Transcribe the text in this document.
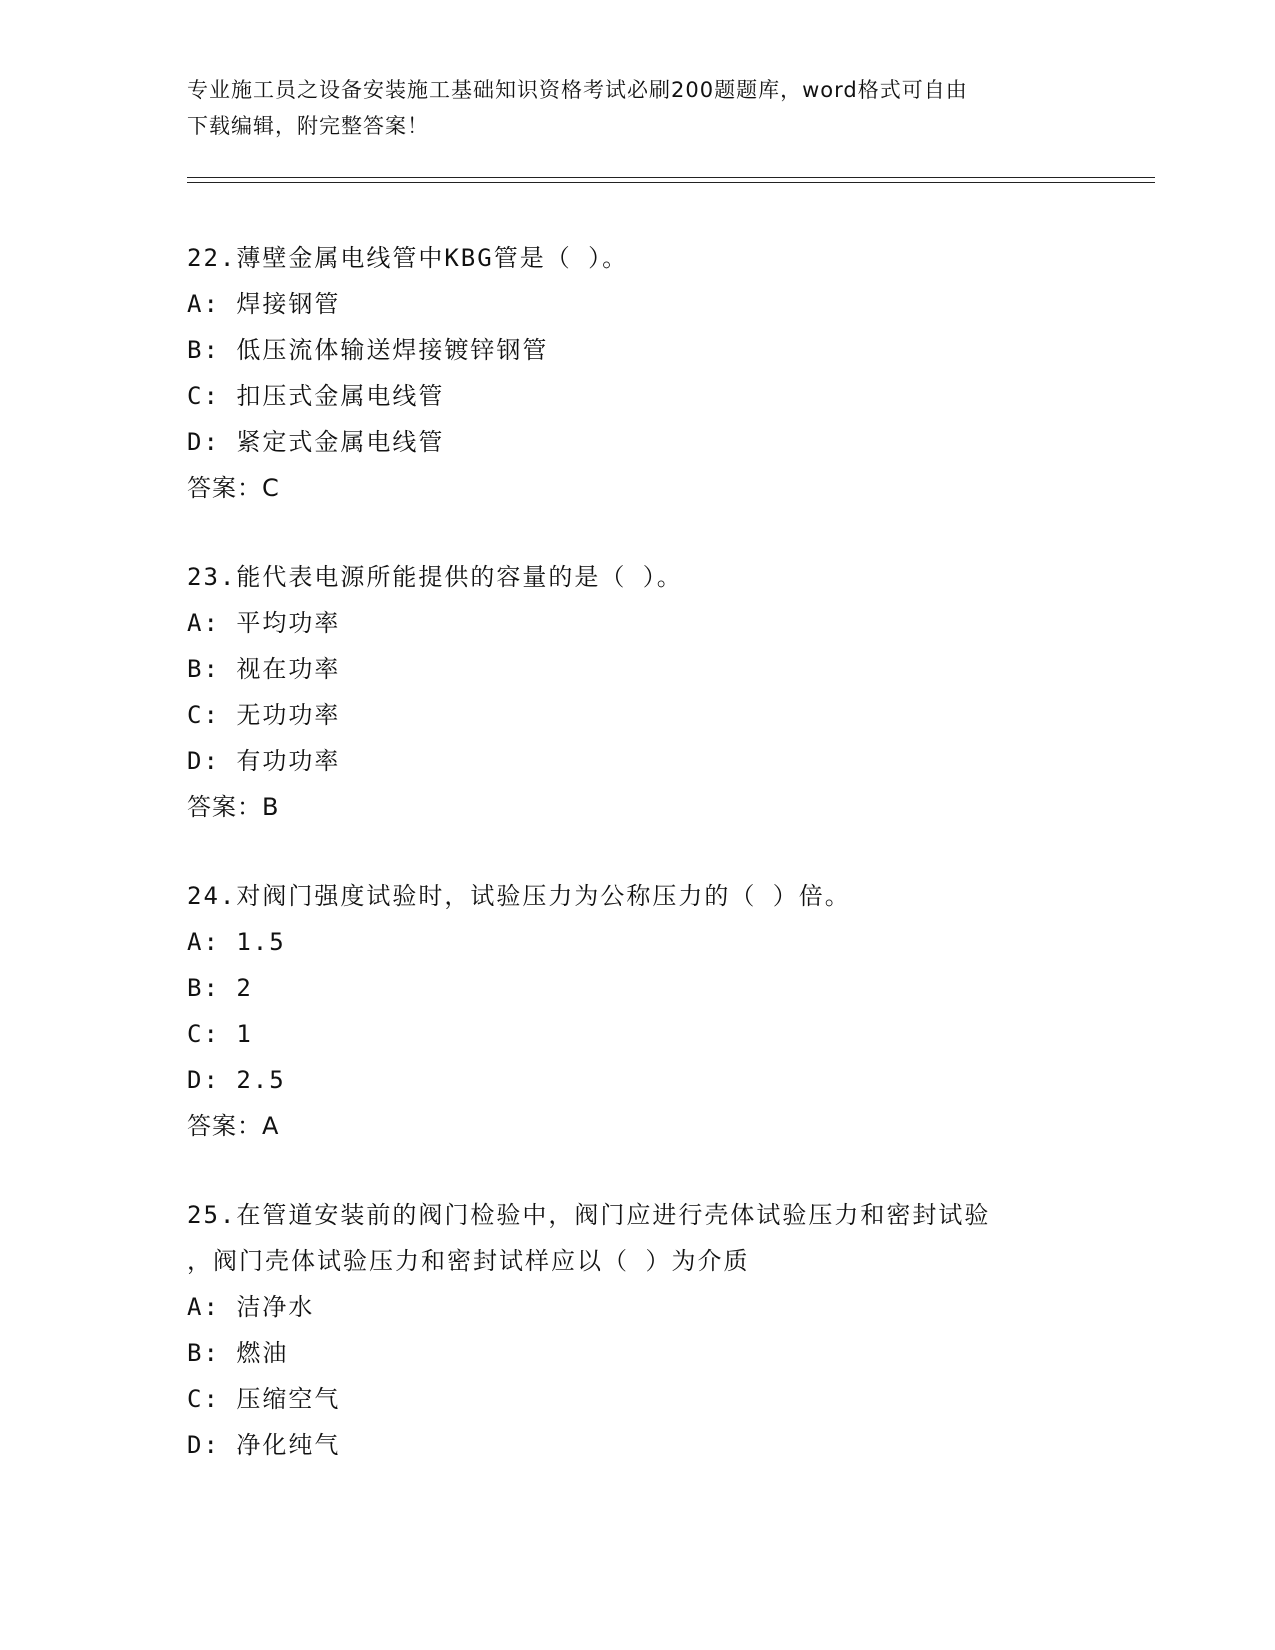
专业施工员之设备安装施工基础知识资格考试必刷200题题库，word格式可自由
下载编辑，附完整答案！
22.薄壁金属电线管中KBG管是（ ）。
A: 焊接钢管
B: 低压流体输送焊接镀锌钢管
C: 扣压式金属电线管
D: 紧定式金属电线管
答案：C
23.能代表电源所能提供的容量的是（ ）。
A: 平均功率
B: 视在功率
C: 无功功率
D: 有功功率
答案：B
24.对阀门强度试验时，试验压力为公称压力的（ ）倍。
A: 1.5
B: 2
C: 1
D: 2.5
答案：A
25.在管道安装前的阀门检验中，阀门应进行壳体试验压力和密封试验
，阀门壳体试验压力和密封试样应以（ ）为介质
A: 洁净水
B: 燃油
C: 压缩空气
D: 净化纯气
